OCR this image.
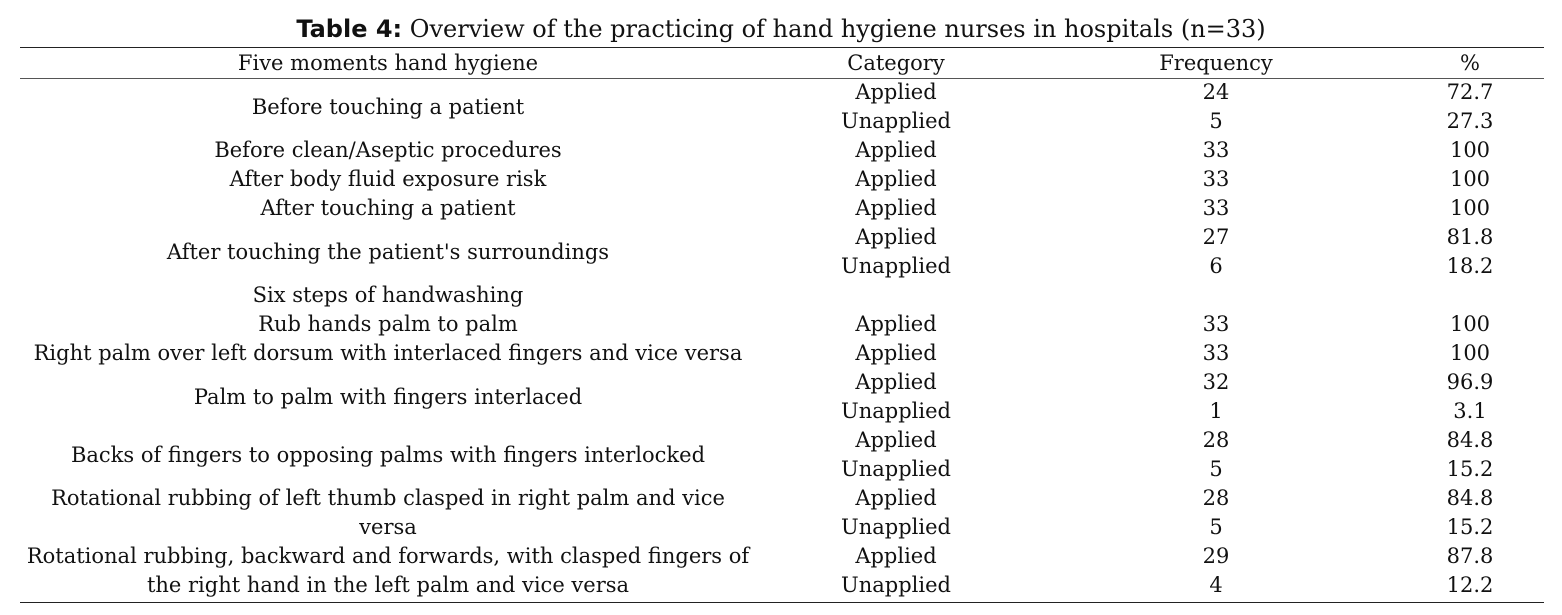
Table 4: Overview of the practicing of hand hygiene nurses in hospitals (n=33)
Five moments hand hygiene	Category	Frequency	%
Before touching a patient	Applied	24	72.7
	Unapplied	5	27.3
Before clean/Aseptic procedures	Applied	33	100
After body fluid exposure risk	Applied	33	100
After touching a patient	Applied	33	100
After touching the patient's surroundings	Applied	27	81.8
	Unapplied	6	18.2
Six steps of handwashing			
Rub hands palm to palm	Applied	33	100
Right palm over left dorsum with interlaced fingers and vice versa	Applied	33	100
Palm to palm with fingers interlaced	Applied	32	96.9
	Unapplied	1	3.1
Backs of fingers to opposing palms with fingers interlocked	Applied	28	84.8
	Unapplied	5	15.2
Rotational rubbing of left thumb clasped in right palm and vice versa	Applied	28	84.8
	Unapplied	5	15.2
Rotational rubbing, backward and forwards, with clasped fingers of the right hand in the left palm and vice versa	Applied	29	87.8
	Unapplied	4	12.2
